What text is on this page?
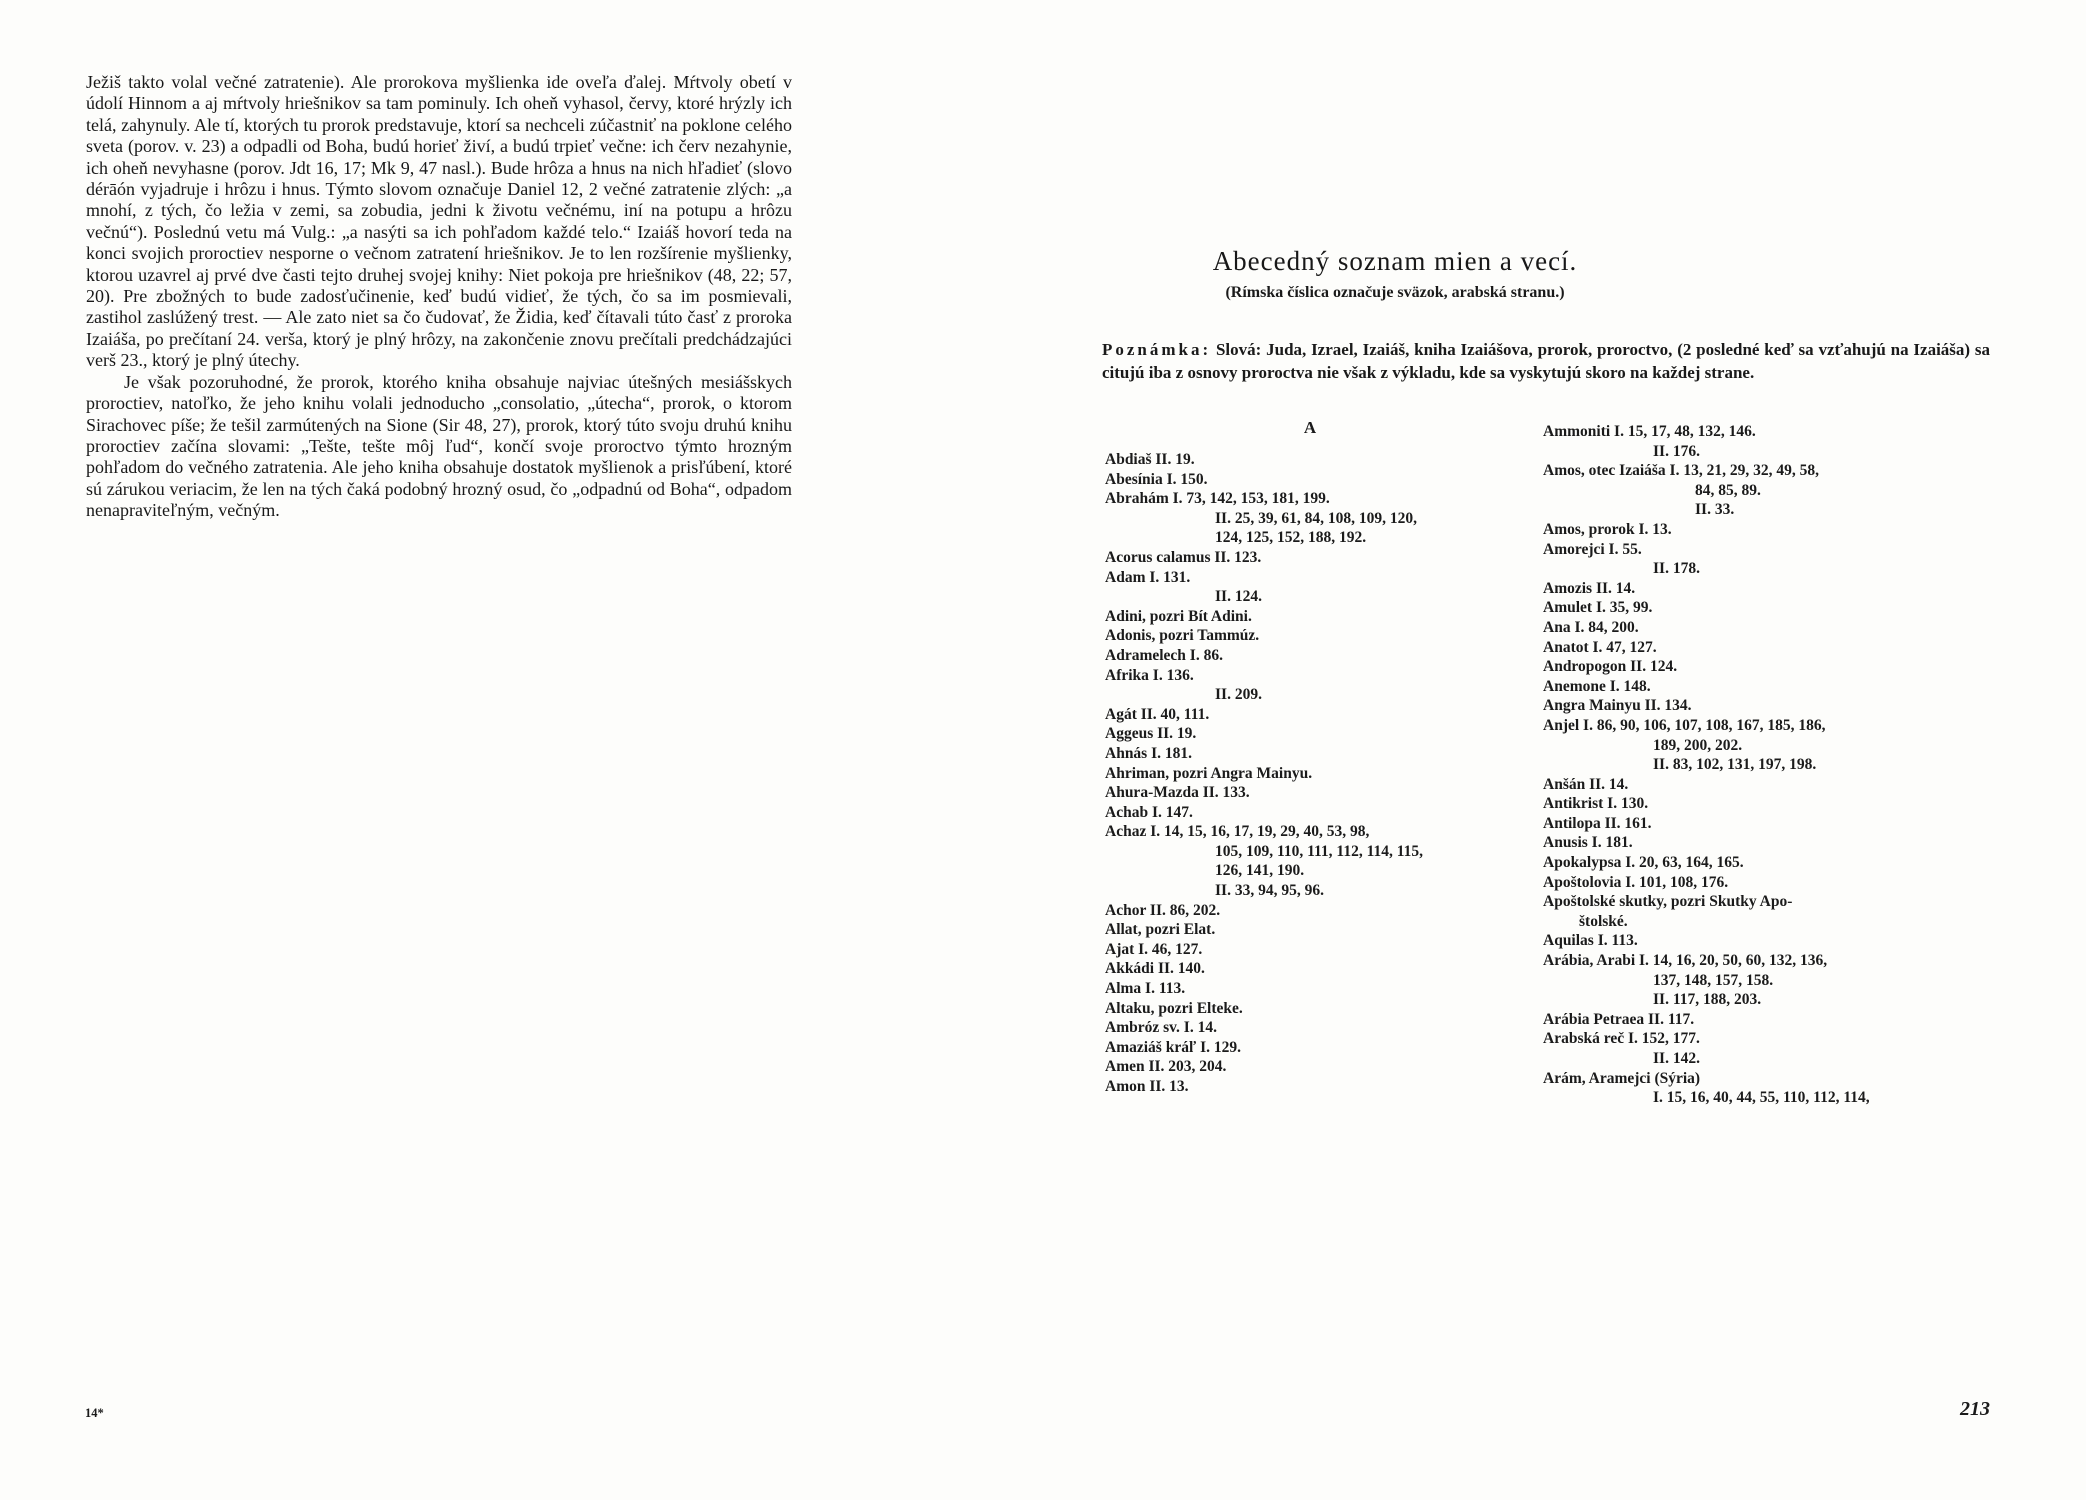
Ježiš takto volal večné zatratenie). Ale prorokova myšlienka ide oveľa ďalej. Mŕtvoly obetí v údolí Hinnom a aj mŕtvoly hriešnikov sa tam pominuly. Ich oheň vyhasol, červy, ktoré hrýzly ich telá, zahynuly. Ale tí, ktorých tu prorok predstavuje, ktorí sa nechceli zúčastniť na poklone celého sveta (porov. v. 23) a odpadli od Boha, budú horieť živí, a budú trpieť večne: ich červ nezahynie, ich oheň nevyhasne (porov. Jdt 16, 17; Mk 9, 47 nasl.). Bude hrôza a hnus na nich hľadieť (slovo dérāón vyjadruje i hrôzu i hnus. Týmto slovom označuje Daniel 12, 2 večné zatratenie zlých: „a mnohí, z tých, čo ležia v zemi, sa zobudia, jedni k životu večnému, iní na potupu a hrôzu večnú“). Poslednú vetu má Vulg.: „a nasýti sa ich pohľadom každé telo.“ Izaiáš hovorí teda na konci svojich proroctiev nesporne o večnom zatratení hriešnikov. Je to len rozšírenie myšlienky, ktorou uzavrel aj prvé dve časti tejto druhej svojej knihy: Niet pokoja pre hriešnikov (48, 22; 57, 20). Pre zbožných to bude zadosťučinenie, keď budú vidieť, že tých, čo sa im posmievali, zastihol zaslúžený trest. — Ale zato niet sa čo čudovať, že Židia, keď čítavali túto časť z proroka Izaiáša, po prečítaní 24. verša, ktorý je plný hrôzy, na zakončenie znovu prečítali predchádzajúci verš 23., ktorý je plný útechy.
Je však pozoruhodné, že prorok, ktorého kniha obsahuje najviac útešných mesiášskych proroctiev, natoľko, že jeho knihu volali jednoducho „consolatio, „útecha“, prorok, o ktorom Sirachovec píše; že tešil zarmútených na Sione (Sir 48, 27), prorok, ktorý túto svoju druhú knihu proroctiev začína slovami: „Tešte, tešte môj ľud“, končí svoje proroctvo týmto hrozným pohľadom do večného zatratenia. Ale jeho kniha obsahuje dostatok myšlienok a prisľúbení, ktoré sú zárukou veriacim, že len na tých čaká podobný hrozný osud, čo „odpadnú od Boha“, odpadom nenapraviteľným, večným.
14*
Abecedný soznam mien a vecí.
(Rímska číslica označuje sväzok, arabská stranu.)
Poznámka: Slová: Juda, Izrael, Izaiáš, kniha Izaiášova, prorok, proroctvo, (2 posledné keď sa vzťahujú na Izaiáša) sa citujú iba z osnovy proroctva nie však z výkladu, kde sa vyskytujú skoro na každej strane.
A
Abdiaš II. 19.
Abesínia I. 150.
Abrahám I. 73, 142, 153, 181, 199.
II. 25, 39, 61, 84, 108, 109, 120,
124, 125, 152, 188, 192.
Acorus calamus II. 123.
Adam I. 131.
II. 124.
Adini, pozri Bít Adini.
Adonis, pozri Tammúz.
Adramelech I. 86.
Afrika I. 136.
II. 209.
Agát II. 40, 111.
Aggeus II. 19.
Ahnás I. 181.
Ahriman, pozri Angra Mainyu.
Ahura-Mazda II. 133.
Achab I. 147.
Achaz I. 14, 15, 16, 17, 19, 29, 40, 53, 98,
105, 109, 110, 111, 112, 114, 115,
126, 141, 190.
II. 33, 94, 95, 96.
Achor II. 86, 202.
Allat, pozri Elat.
Ajat I. 46, 127.
Akkádi II. 140.
Alma I. 113.
Altaku, pozri Elteke.
Ambróz sv. I. 14.
Amaziáš kráľ I. 129.
Amen II. 203, 204.
Amon II. 13.
Ammoniti I. 15, 17, 48, 132, 146.
II. 176.
Amos, otec Izaiáša I. 13, 21, 29, 32, 49, 58,
84, 85, 89.
II. 33.
Amos, prorok I. 13.
Amorejci I. 55.
II. 178.
Amozis II. 14.
Amulet I. 35, 99.
Ana I. 84, 200.
Anatot I. 47, 127.
Andropogon II. 124.
Anemone I. 148.
Angra Mainyu II. 134.
Anjel I. 86, 90, 106, 107, 108, 167, 185, 186,
189, 200, 202.
II. 83, 102, 131, 197, 198.
Anšán II. 14.
Antikrist I. 130.
Antilopa II. 161.
Anusis I. 181.
Apokalypsa I. 20, 63, 164, 165.
Apoštolovia I. 101, 108, 176.
Apoštolské skutky, pozri Skutky Apo-
štolské.
Aquilas I. 113.
Arábia, Arabi I. 14, 16, 20, 50, 60, 132, 136,
137, 148, 157, 158.
II. 117, 188, 203.
Arábia Petraea II. 117.
Arabská reč I. 152, 177.
II. 142.
Arám, Aramejci (Sýria)
I. 15, 16, 40, 44, 55, 110, 112, 114,
213
